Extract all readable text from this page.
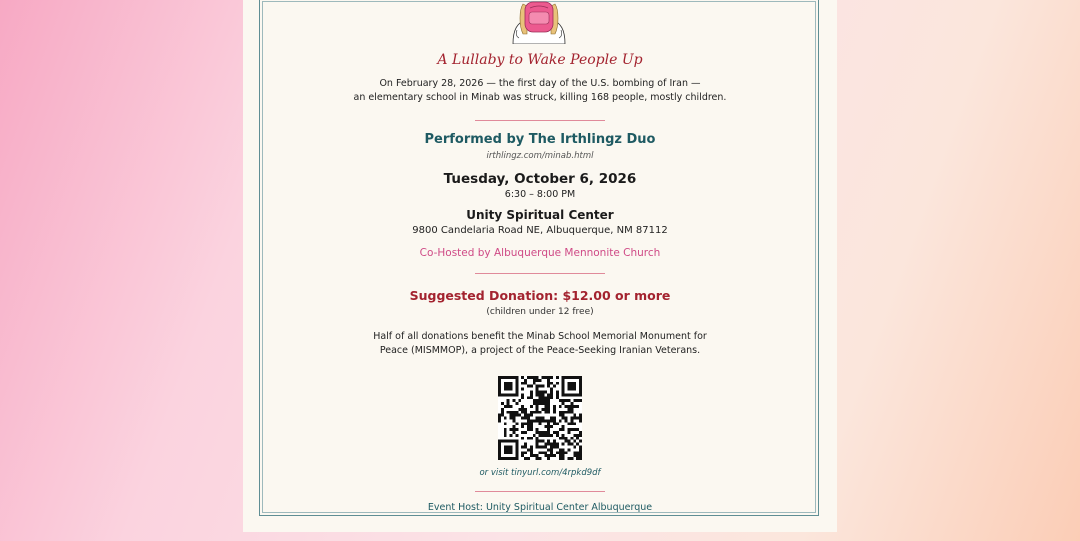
A Lullaby to Wake People Up
On February 28, 2026 — the first day of the U.S. bombing of Iran —
an elementary school in Minab was struck, killing 168 people, mostly children.
Performed by The Irthlingz Duo
irthlingz.com/minab.html
Tuesday, October 6, 2026
6:30 – 8:00 PM
Unity Spiritual Center
9800 Candelaria Road NE, Albuquerque, NM 87112
Co-Hosted by Albuquerque Mennonite Church
Suggested Donation: $12.00 or more
(children under 12 free)
Half of all donations benefit the Minab School Memorial Monument for
Peace (MISMMOP), a project of the Peace-Seeking Iranian Veterans.
or visit tinyurl.com/4rpkd9df
Event Host: Unity Spiritual Center Albuquerque
